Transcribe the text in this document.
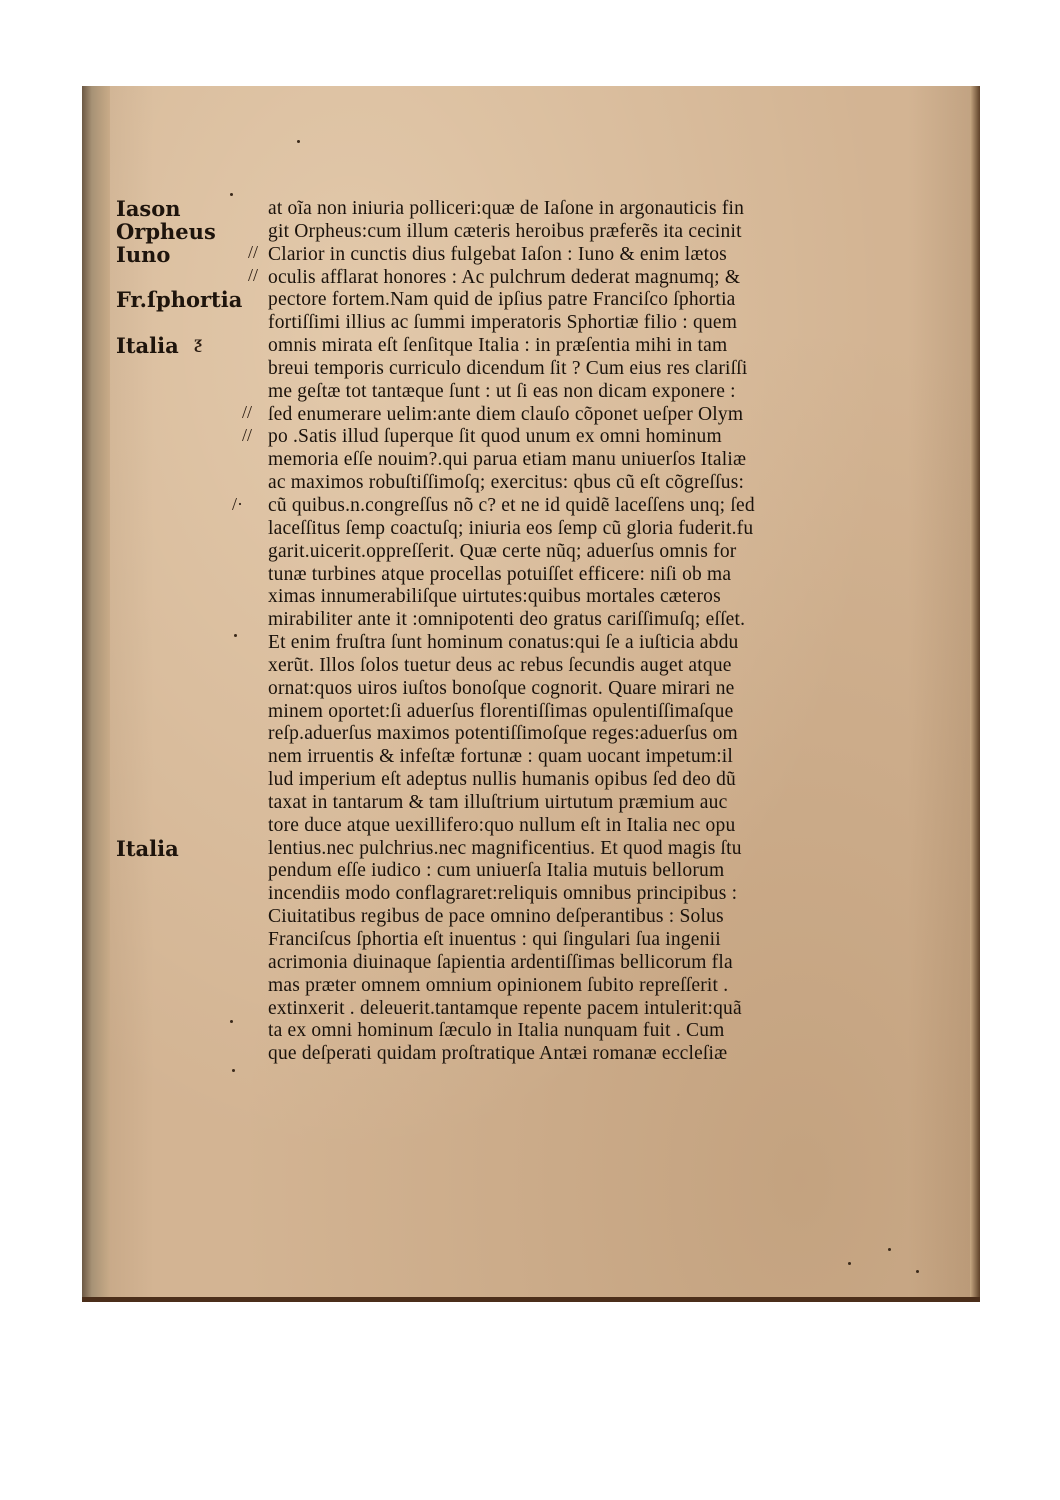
Iason
Orpheus
Iuno
Fr.ſphortia
Italia
Italia
at oĩa non iniuria polliceri:quæ de Iaſone in argonauticis fin
git Orpheus:cum illum cæteris heroibus præferẽs ita cecinit
Clarior in cunctis dius fulgebat Iaſon : Iuno & enim lætos
oculis afflarat honores : Ac pulchrum dederat magnumq; &
pectore fortem.Nam quid de ipſius patre Franciſco ſphortia
fortiſſimi illius ac ſummi imperatoris Sphortiæ filio : quem
omnis mirata eſt ſenſitque Italia : in præſentia mihi in tam
breui temporis curriculo dicendum ſit ? Cum eius res clariſſi
me geſtæ tot tantæque ſunt : ut ſi eas non dicam exponere :
ſed enumerare uelim:ante diem clauſo cõponet ueſper Olym
po .Satis illud ſuperque ſit quod unum ex omni hominum
memoria eſſe nouim?.qui parua etiam manu uniuerſos Italiæ
ac maximos robuſtiſſimoſq; exercitus: qbus cũ eſt cõgreſſus:
cũ quibus.n.congreſſus nõ c? et ne id quidẽ laceſſens unq; ſed
laceſſitus ſemp coactuſq; iniuria eos ſemp cũ gloria fuderit.fu
garit.uicerit.oppreſſerit. Quæ certe nũq; aduerſus omnis for
tunæ turbines atque procellas potuiſſet efficere: niſi ob ma
ximas innumerabiliſque uirtutes:quibus mortales cæteros
mirabiliter ante it :omnipotenti deo gratus cariſſimuſq; eſſet.
Et enim fruſtra ſunt hominum conatus:qui ſe a iuſticia abdu
xerũt. Illos ſolos tuetur deus ac rebus ſecundis auget atque
ornat:quos uiros iuſtos bonoſque cognorit. Quare mirari ne
minem oportet:ſi aduerſus florentiſſimas opulentiſſimaſque
reſp.aduerſus maximos potentiſſimoſque reges:aduerſus om
nem irruentis & infeſtæ fortunæ : quam uocant impetum:il
lud imperium eſt adeptus nullis humanis opibus ſed deo dũ
taxat in tantarum & tam illuſtrium uirtutum præmium auc
tore duce atque uexillifero:quo nullum eſt in Italia nec opu
lentius.nec pulchrius.nec magnificentius. Et quod magis ſtu
pendum eſſe iudico : cum uniuerſa Italia mutuis bellorum
incendiis modo conflagraret:reliquis omnibus principibus :
Ciuitatibus regibus de pace omnino deſperantibus : Solus
Franciſcus ſphortia eſt inuentus : qui ſingulari ſua ingenii
acrimonia diuinaque ſapientia ardentiſſimas bellicorum fla
mas præter omnem omnium opinionem ſubito repreſſerit .
extinxerit . deleuerit.tantamque repente pacem intulerit:quã
ta ex omni hominum ſæculo in Italia nunquam fuit . Cum
que deſperati quidam proſtratique Antæi romanæ eccleſiæ
//
//
//
//
/·
ƺ
